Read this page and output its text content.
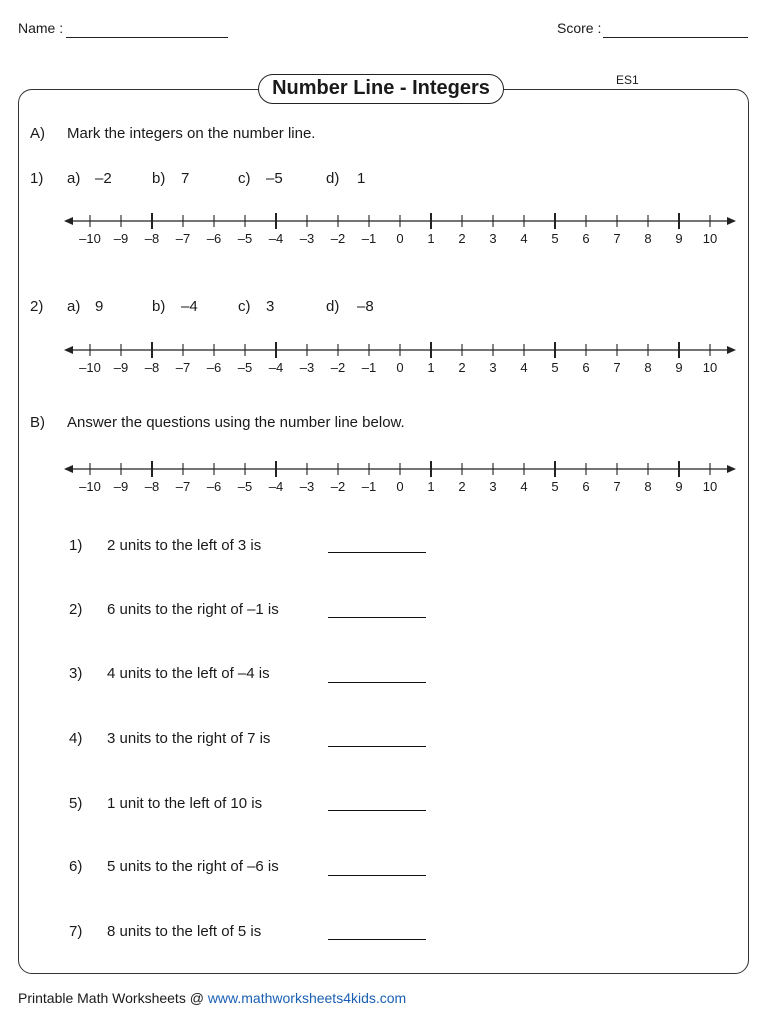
Name :	Score :
Number Line - Integers	ES1
A) Mark the integers on the number line.
1) a) –2	b) 7	c) –5	d) 1
–10 –9	–8	–7	–6	–5	–4	–3	–2	–1	0	1	2	3	4	5	6	7	8	9	10
2) a) 9	b) –4	c) 3	d) –8
–10 –9	–8	–7	–6	–5	–4	–3	–2	–1	0	1	2	3	4	5	6	7	8	9	10
B) Answer the questions using the number line below.
–10 –9	–8	–7	–6	–5	–4	–3	–2	–1	0	1	2	3	4	5	6	7	8	9	10
1) 2 units to the left of 3 is
2) 6 units to the right of –1 is
3) 4 units to the left of –4 is
4) 3 units to the right of 7 is
5) 1 unit to the left of 10 is
6) 5 units to the right of –6 is
7) 8 units to the left of 5 is
Printable Math Worksheets @ www.mathworksheets4kids.com
